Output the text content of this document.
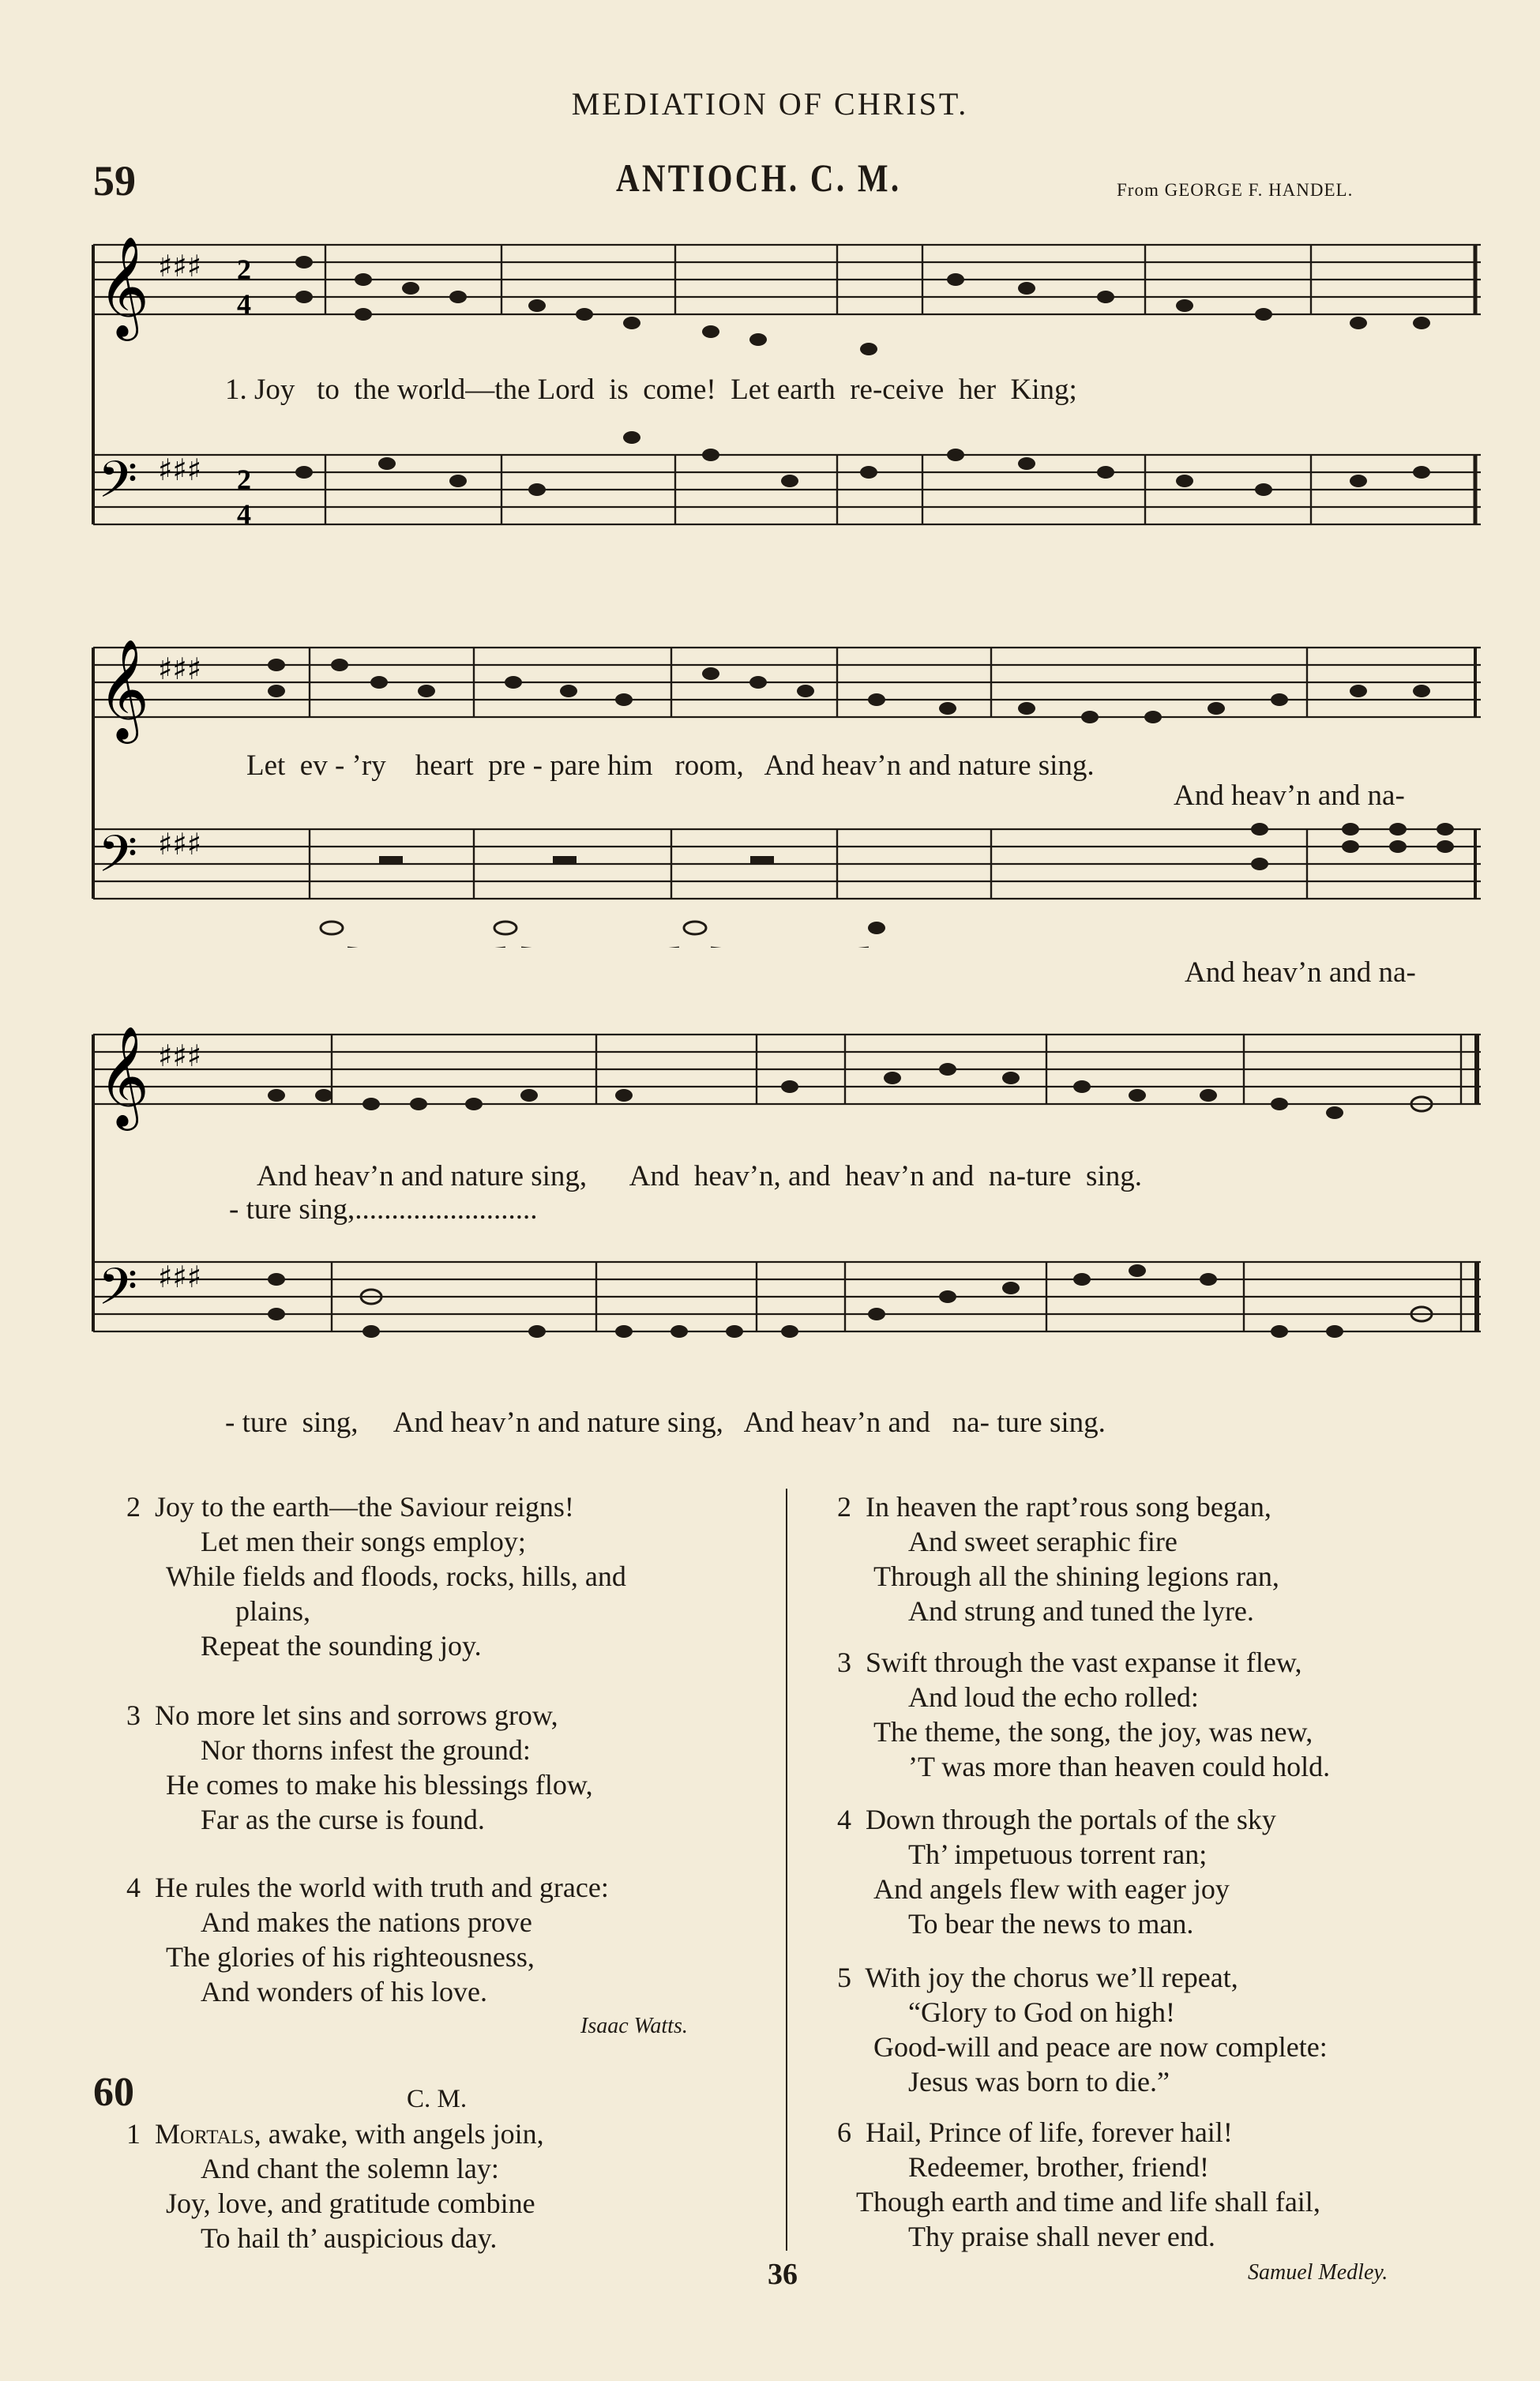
MEDIATION OF CHRIST.
59	ANTIOCH. C. M.	From GEORGE F. HANDEL.
𝄞
𝄢
♯♯♯
♯♯♯
2
4
2
4
1. Joy   to  the world—the Lord  is  come!  Let earth  re-ceive  her  King;
𝄞
𝄢
♯♯♯
♯♯♯
Let  ev - ’ry    heart  pre - pare him   room,   And heav’n and nature sing.
And heav’n and na-
And heav’n and na-
𝄞
𝄢
♯♯♯
♯♯♯
And heav’n and nature sing,      And  heav’n, and  heav’n and  na-ture  sing.
- ture sing,.........................
- ture  sing,     And heav’n and nature sing,   And heav’n and   na- ture sing.
2 Joy to the earth—the Saviour reigns!
Let men their songs employ;
While fields and floods, rocks, hills, and
plains,
Repeat the sounding joy.
3 No more let sins and sorrows grow,
Nor thorns infest the ground:
He comes to make his blessings flow,
Far as the curse is found.
4 He rules the world with truth and grace:
And makes the nations prove
The glories of his righteousness,
And wonders of his love.
Isaac Watts.
60	C. M.
1 Mortals, awake, with angels join,
And chant the solemn lay:
Joy, love, and gratitude combine
To hail th’ auspicious day.
2 In heaven the rapt’rous song began,
And sweet seraphic fire
Through all the shining legions ran,
And strung and tuned the lyre.
3 Swift through the vast expanse it flew,
And loud the echo rolled:
The theme, the song, the joy, was new,
’T was more than heaven could hold.
4 Down through the portals of the sky
Th’ impetuous torrent ran;
And angels flew with eager joy
To bear the news to man.
5 With joy the chorus we’ll repeat,
“Glory to God on high!
Good-will and peace are now complete:
Jesus was born to die.”
6 Hail, Prince of life, forever hail!
Redeemer, brother, friend!
Though earth and time and life shall fail,
Thy praise shall never end.
36	Samuel Medley.
